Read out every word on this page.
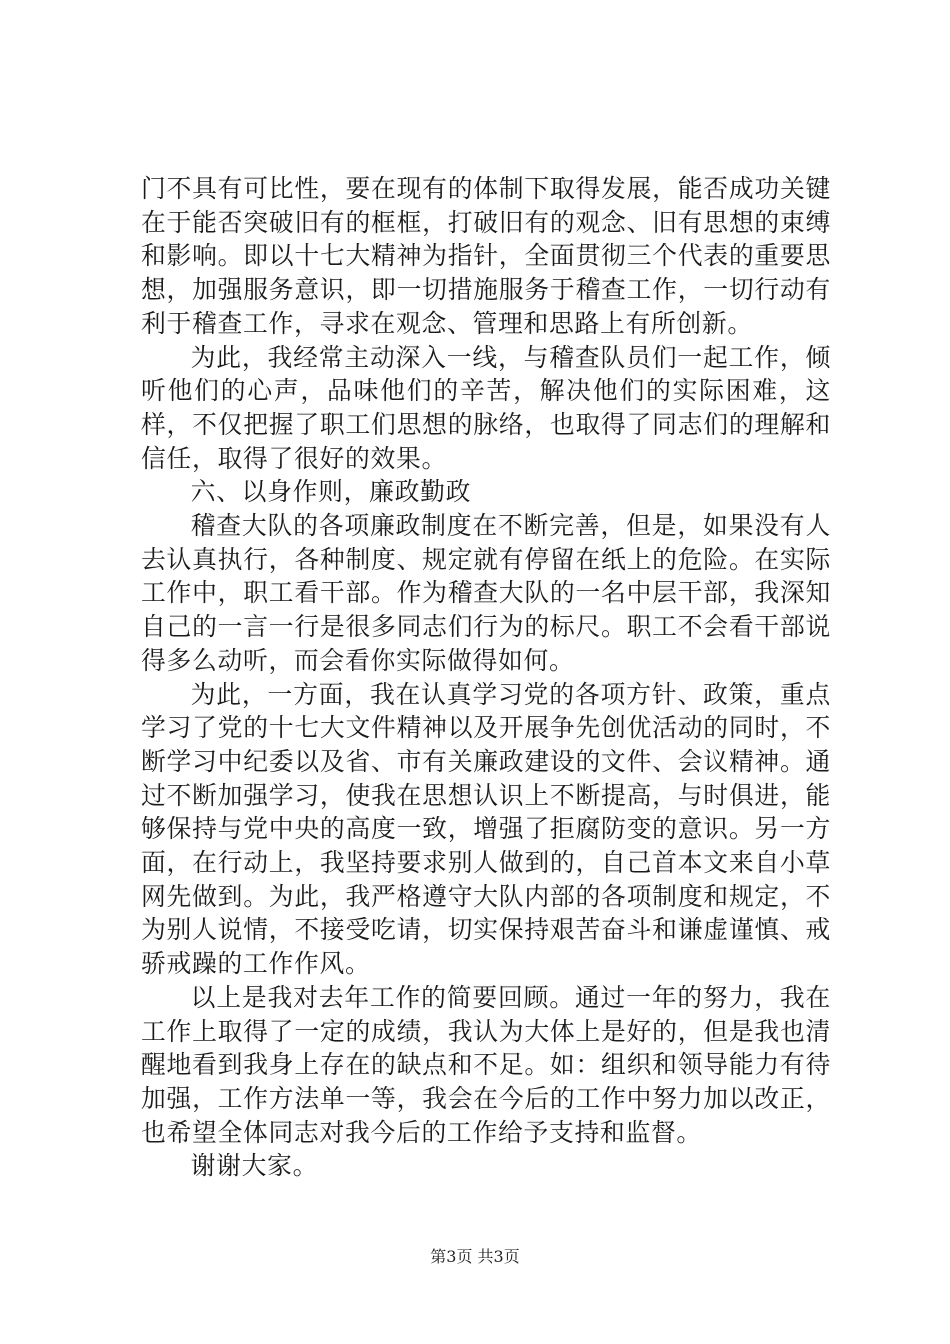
门不具有可比性，要在现有的体制下取得发展，能否成功关键在于能否突破旧有的框框，打破旧有的观念、旧有思想的束缚和影响。即以十七大精神为指针，全面贯彻三个代表的重要思想，加强服务意识，即一切措施服务于稽查工作，一切行动有利于稽查工作，寻求在观念、管理和思路上有所创新。

为此，我经常主动深入一线，与稽查队员们一起工作，倾听他们的心声，品味他们的辛苦，解决他们的实际困难，这样，不仅把握了职工们思想的脉络，也取得了同志们的理解和信任，取得了很好的效果。

六、以身作则，廉政勤政

稽查大队的各项廉政制度在不断完善，但是，如果没有人去认真执行，各种制度、规定就有停留在纸上的危险。在实际工作中，职工看干部。作为稽查大队的一名中层干部，我深知自己的一言一行是很多同志们行为的标尺。职工不会看干部说得多么动听，而会看你实际做得如何。

为此，一方面，我在认真学习党的各项方针、政策，重点学习了党的十七大文件精神以及开展争先创优活动的同时，不断学习中纪委以及省、市有关廉政建设的文件、会议精神。通过不断加强学习，使我在思想认识上不断提高，与时俱进，能够保持与党中央的高度一致，增强了拒腐防变的意识。另一方面，在行动上，我坚持要求别人做到的，自己首本文来自小草网先做到。为此，我严格遵守大队内部的各项制度和规定，不为别人说情，不接受吃请，切实保持艰苦奋斗和谦虚谨慎、戒骄戒躁的工作作风。

以上是我对去年工作的简要回顾。通过一年的努力，我在工作上取得了一定的成绩，我认为大体上是好的，但是我也清醒地看到我身上存在的缺点和不足。如：组织和领导能力有待加强，工作方法单一等，我会在今后的工作中努力加以改正，也希望全体同志对我今后的工作给予支持和监督。

谢谢大家。

第3页 共3页
